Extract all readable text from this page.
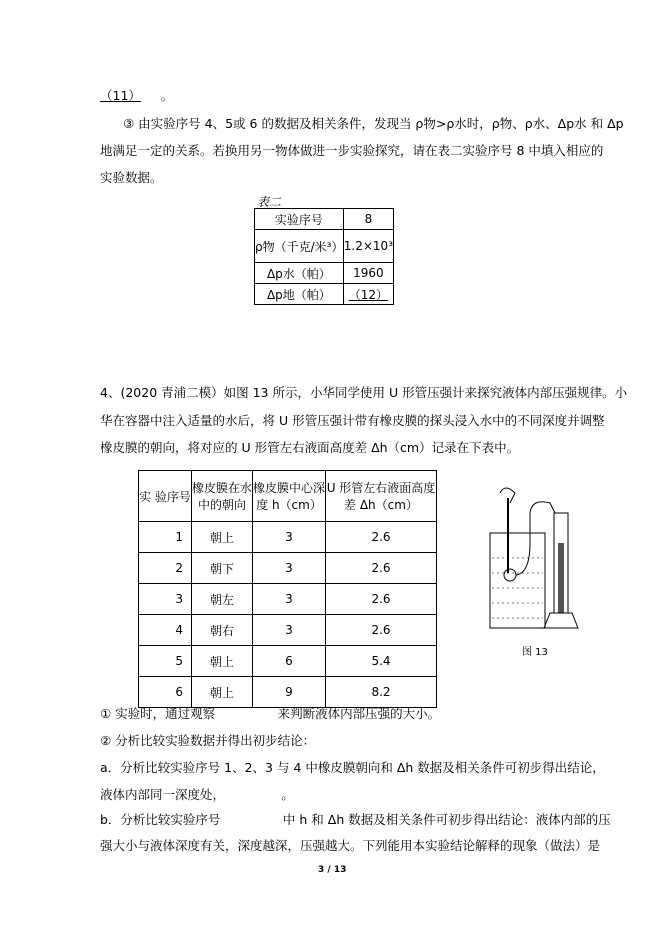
（11） 。
③ 由实验序号 4、5或 6 的数据及相关条件，发现当 ρ物>ρ水时，ρ物、ρ水、Δp水 和 Δp
地满足一定的关系。若换用另一物体做进一步实验探究，请在表二实验序号 8 中填入相应的
实验数据。
表二
实验序号	8
ρ物（千克/米³）	1.2×10³
Δp水（帕）	1960
Δp地（帕）	（12）
4、(2020 青浦二模）如图 13 所示，小华同学使用 U 形管压强计来探究液体内部压强规律。小
华在容器中注入适量的水后，将 U 形管压强计带有橡皮膜的探头浸入水中的不同深度并调整
橡皮膜的朝向，将对应的 U 形管左右液面高度差 Δh（cm）记录在下表中。
实 验序号	橡皮膜在水中的朝向	橡皮膜中心深度 h（cm）	U 形管左右液面高度差 Δh（cm）
1	朝上	3	2.6
2	朝下	3	2.6
3	朝左	3	2.6
4	朝右	3	2.6
5	朝上	6	5.4
6	朝上	9	8.2
图 13
① 实验时，通过观察　　　　　来判断液体内部压强的大小。
② 分析比较实验数据并得出初步结论：
a．分析比较实验序号 1、2、3 与 4 中橡皮膜朝向和 Δh 数据及相关条件可初步得出结论，
液体内部同一深度处，　　　　　。
b．分析比较实验序号　　　　　中 h 和 Δh 数据及相关条件可初步得出结论：液体内部的压
强大小与液体深度有关，深度越深，压强越大。下列能用本实验结论解释的现象（做法）是
3 / 13
